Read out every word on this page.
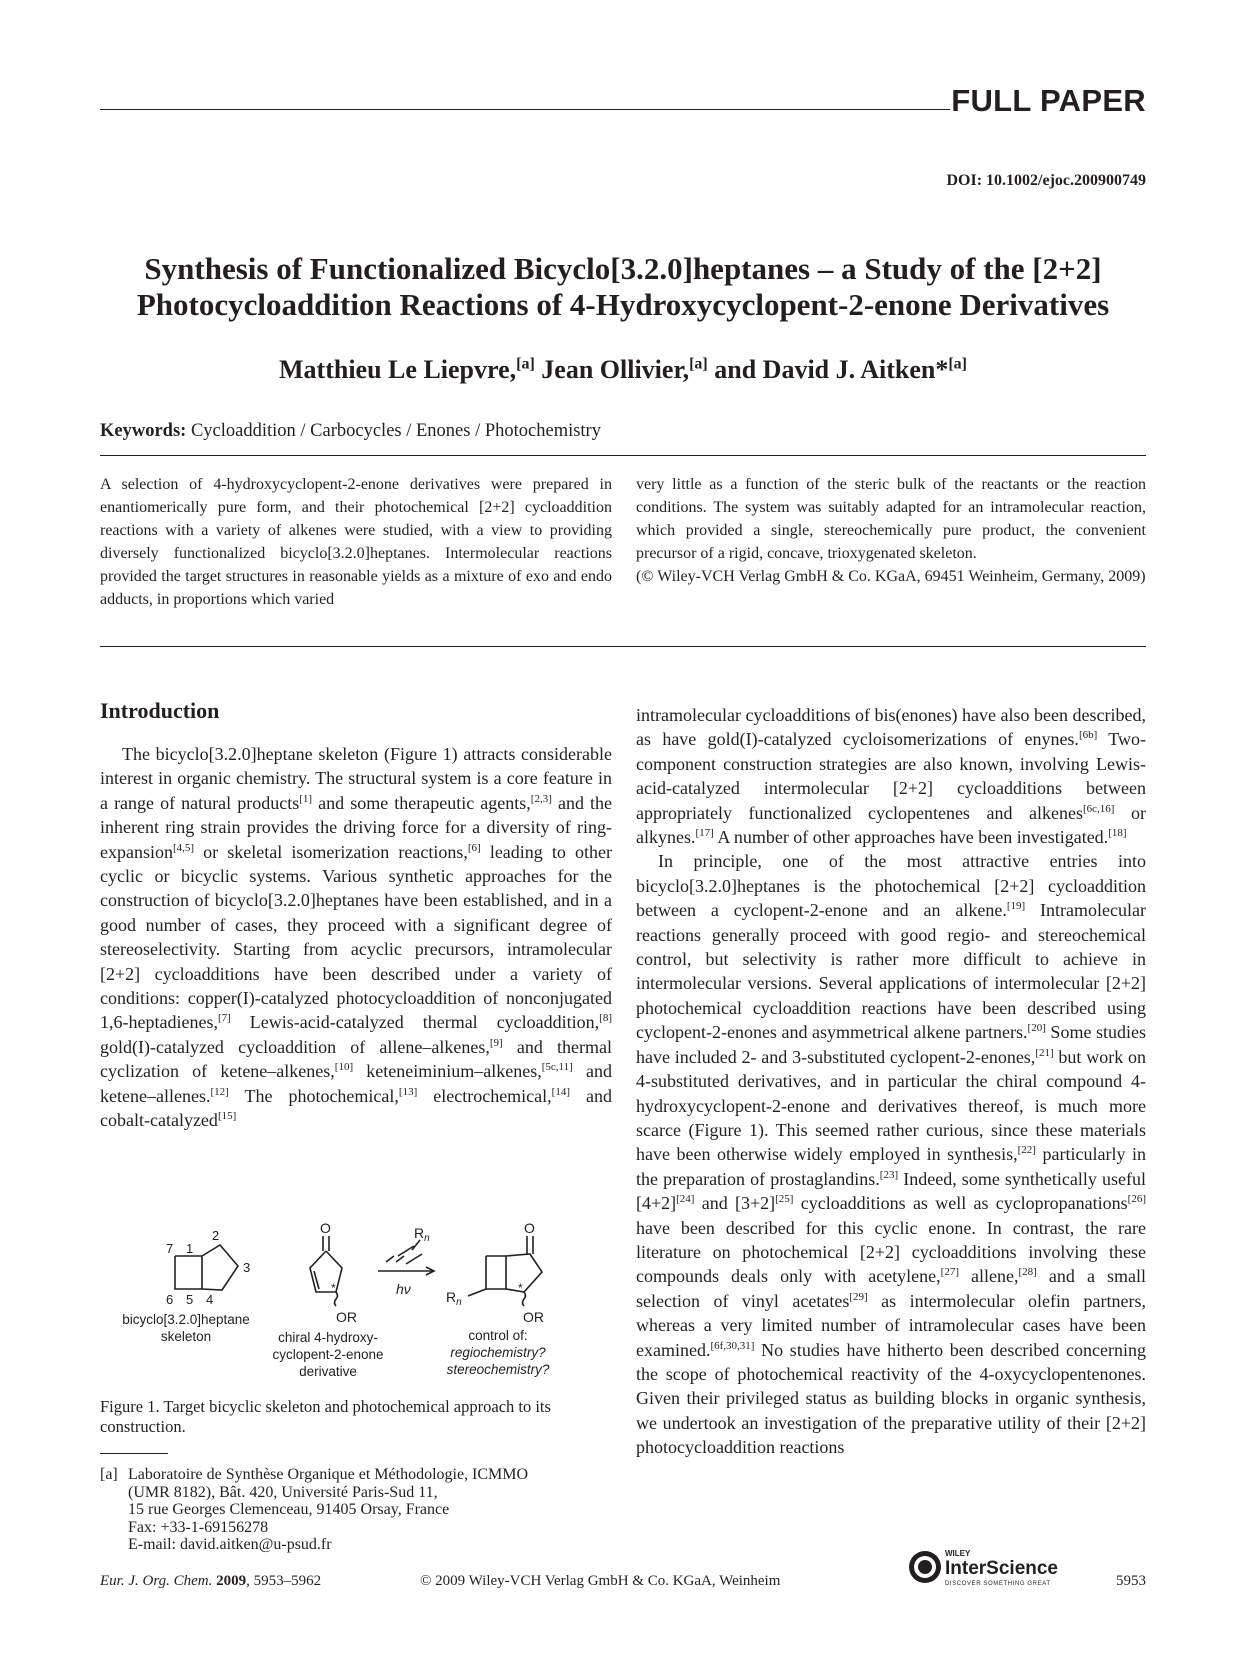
FULL PAPER
DOI: 10.1002/ejoc.200900749
Synthesis of Functionalized Bicyclo[3.2.0]heptanes – a Study of the [2+2]
Photocycloaddition Reactions of 4-Hydroxycyclopent-2-enone Derivatives
Matthieu Le Liepvre,[a] Jean Ollivier,[a] and David J. Aitken*[a]
Keywords: Cycloaddition / Carbocycles / Enones / Photochemistry

A selection of 4-hydroxycyclopent-2-enone derivatives were prepared in enantiomerically pure form, and their photochemical [2+2] cycloaddition reactions with a variety of alkenes were studied, with a view to providing diversely functionalized bicyclo[3.2.0]heptanes. Intermolecular reactions provided the target structures in reasonable yields as a mixture of exo and endo adducts, in proportions which varied

very little as a function of the steric bulk of the reactants or the reaction conditions. The system was suitably adapted for an intramolecular reaction, which provided a single, stereochemically pure product, the convenient precursor of a rigid, concave, trioxygenated skeleton.

(© Wiley-VCH Verlag GmbH & Co. KGaA, 69451 Weinheim, Germany, 2009)

Introduction

The bicyclo[3.2.0]heptane skeleton (Figure 1) attracts considerable interest in organic chemistry. The structural system is a core feature in a range of natural products[1] and some therapeutic agents,[2,3] and the inherent ring strain provides the driving force for a diversity of ring-expansion[4,5] or skeletal isomerization reactions,[6] leading to other cyclic or bicyclic systems. Various synthetic approaches for the construction of bicyclo[3.2.0]heptanes have been established, and in a good number of cases, they proceed with a significant degree of stereoselectivity. Starting from acyclic precursors, intramolecular [2+2] cycloadditions have been described under a variety of conditions: copper(I)-catalyzed photocycloaddition of nonconjugated 1,6-heptadienes,[7] Lewis-acid-catalyzed thermal cycloaddition,[8] gold(I)-catalyzed cycloaddition of allene–alkenes,[9] and thermal cyclization of ketene–alkenes,[10] keteneiminium–alkenes,[5c,11] and ketene–allenes.[12] The photochemical,[13] electrochemical,[14] and cobalt-catalyzed[15]

7 1
2
3
6 5 4
O
*
OR
$R_n$
hν
O
*
OR
$R_n$
bicyclo[3.2.0]heptane
skeleton	chiral 4-hydroxy-
cyclopent-2-enone
derivative
control of:
regiochemistry?
stereochemistry?
Figure 1. Target bicyclic skeleton and photochemical approach to its construction.
[a] Laboratoire de Synthèse Organique et Méthodologie, ICMMO
(UMR 8182), Bât. 420, Université Paris-Sud 11,
15 rue Georges Clemenceau, 91405 Orsay, France
Fax: +33-1-69156278
E-mail: david.aitken@u-psud.fr

intramolecular cycloadditions of bis(enones) have also been described, as have gold(I)-catalyzed cycloisomerizations of enynes.[6b] Two-component construction strategies are also known, involving Lewis-acid-catalyzed intermolecular [2+2] cycloadditions between appropriately functionalized cyclopentenes and alkenes[6c,16] or alkynes.[17] A number of other approaches have been investigated.[18]

In principle, one of the most attractive entries into bicyclo[3.2.0]heptanes is the photochemical [2+2] cycloaddition between a cyclopent-2-enone and an alkene.[19] Intramolecular reactions generally proceed with good regio- and stereochemical control, but selectivity is rather more difficult to achieve in intermolecular versions. Several applications of intermolecular [2+2] photochemical cycloaddition reactions have been described using cyclopent-2-enones and asymmetrical alkene partners.[20] Some studies have included 2- and 3-substituted cyclopent-2-enones,[21] but work on 4-substituted derivatives, and in particular the chiral compound 4-hydroxycyclopent-2-enone and derivatives thereof, is much more scarce (Figure 1). This seemed rather curious, since these materials have been otherwise widely employed in synthesis,[22] particularly in the preparation of prostaglandins.[23] Indeed, some synthetically useful [4+2][24] and [3+2][25] cycloadditions as well as cyclopropanations[26] have been described for this cyclic enone. In contrast, the rare literature on photochemical [2+2] cycloadditions involving these compounds deals only with acetylene,[27] allene,[28] and a small selection of vinyl acetates[29] as intermolecular olefin partners, whereas a very limited number of intramolecular cases have been examined.[6f,30,31] No studies have hitherto been described concerning the scope of photochemical reactivity of the 4-oxycyclopentenones. Given their privileged status as building blocks in organic synthesis, we undertook an investigation of the preparative utility of their [2+2] photocycloaddition reactions

Eur. J. Org. Chem. 2009, 5953–5962	© 2009 Wiley-VCH Verlag GmbH & Co. KGaA, Weinheim
WILEY
InterScience
DISCOVER SOMETHING GREAT	5953
